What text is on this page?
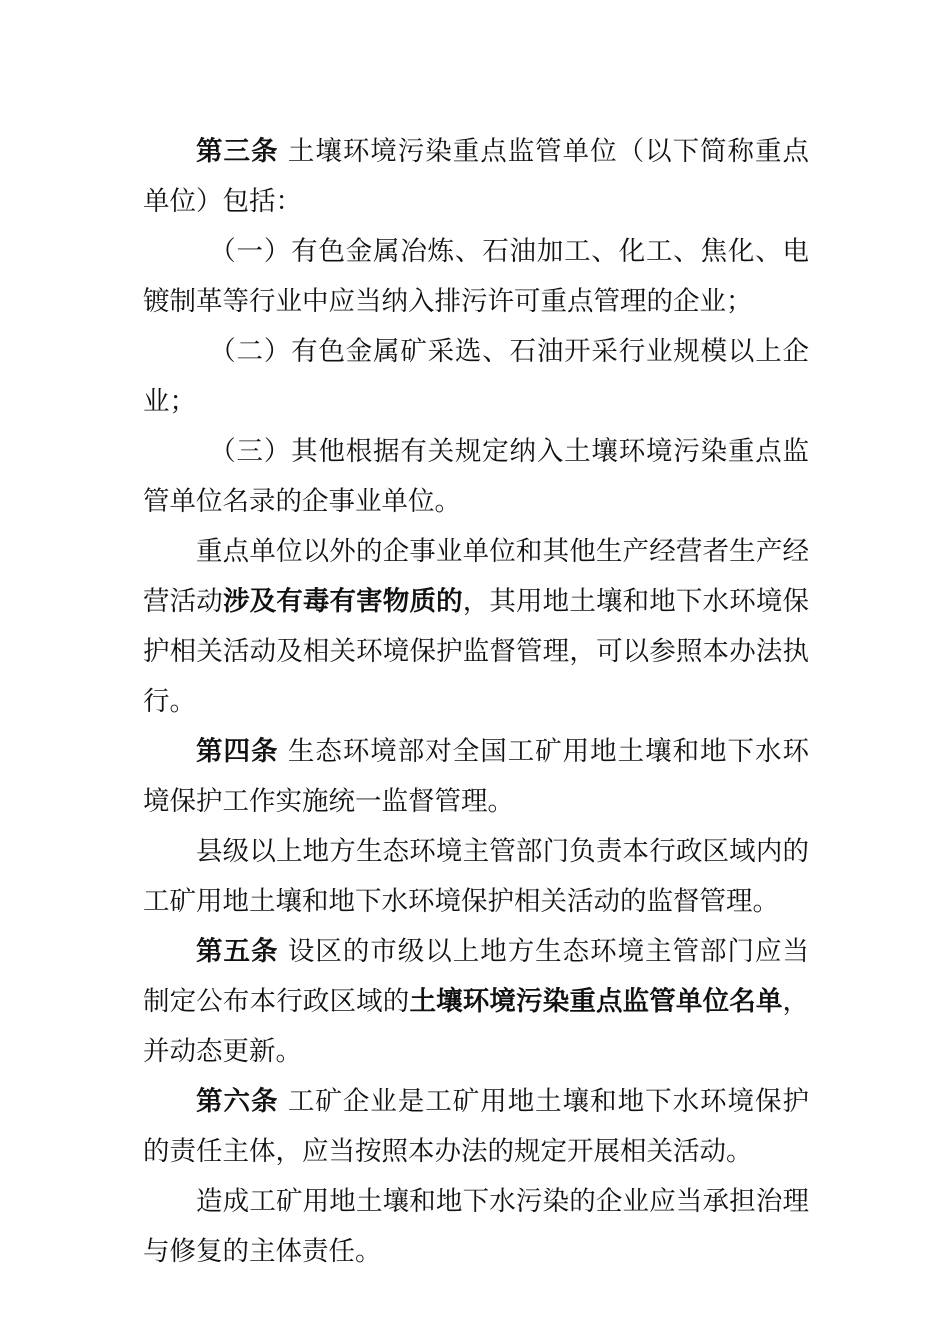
第三条 土壤环境污染重点监管单位（以下简称重点单位）包括：

（一）有色金属冶炼、石油加工、化工、焦化、电镀制革等行业中应当纳入排污许可重点管理的企业；

（二）有色金属矿采选、石油开采行业规模以上企业；

（三）其他根据有关规定纳入土壤环境污染重点监管单位名录的企事业单位。

重点单位以外的企事业单位和其他生产经营者生产经营活动涉及有毒有害物质的，其用地土壤和地下水环境保护相关活动及相关环境保护监督管理，可以参照本办法执行。

第四条 生态环境部对全国工矿用地土壤和地下水环境保护工作实施统一监督管理。

县级以上地方生态环境主管部门负责本行政区域内的工矿用地土壤和地下水环境保护相关活动的监督管理。

第五条 设区的市级以上地方生态环境主管部门应当制定公布本行政区域的土壤环境污染重点监管单位名单，并动态更新。

第六条 工矿企业是工矿用地土壤和地下水环境保护的责任主体，应当按照本办法的规定开展相关活动。

造成工矿用地土壤和地下水污染的企业应当承担治理与修复的主体责任。
